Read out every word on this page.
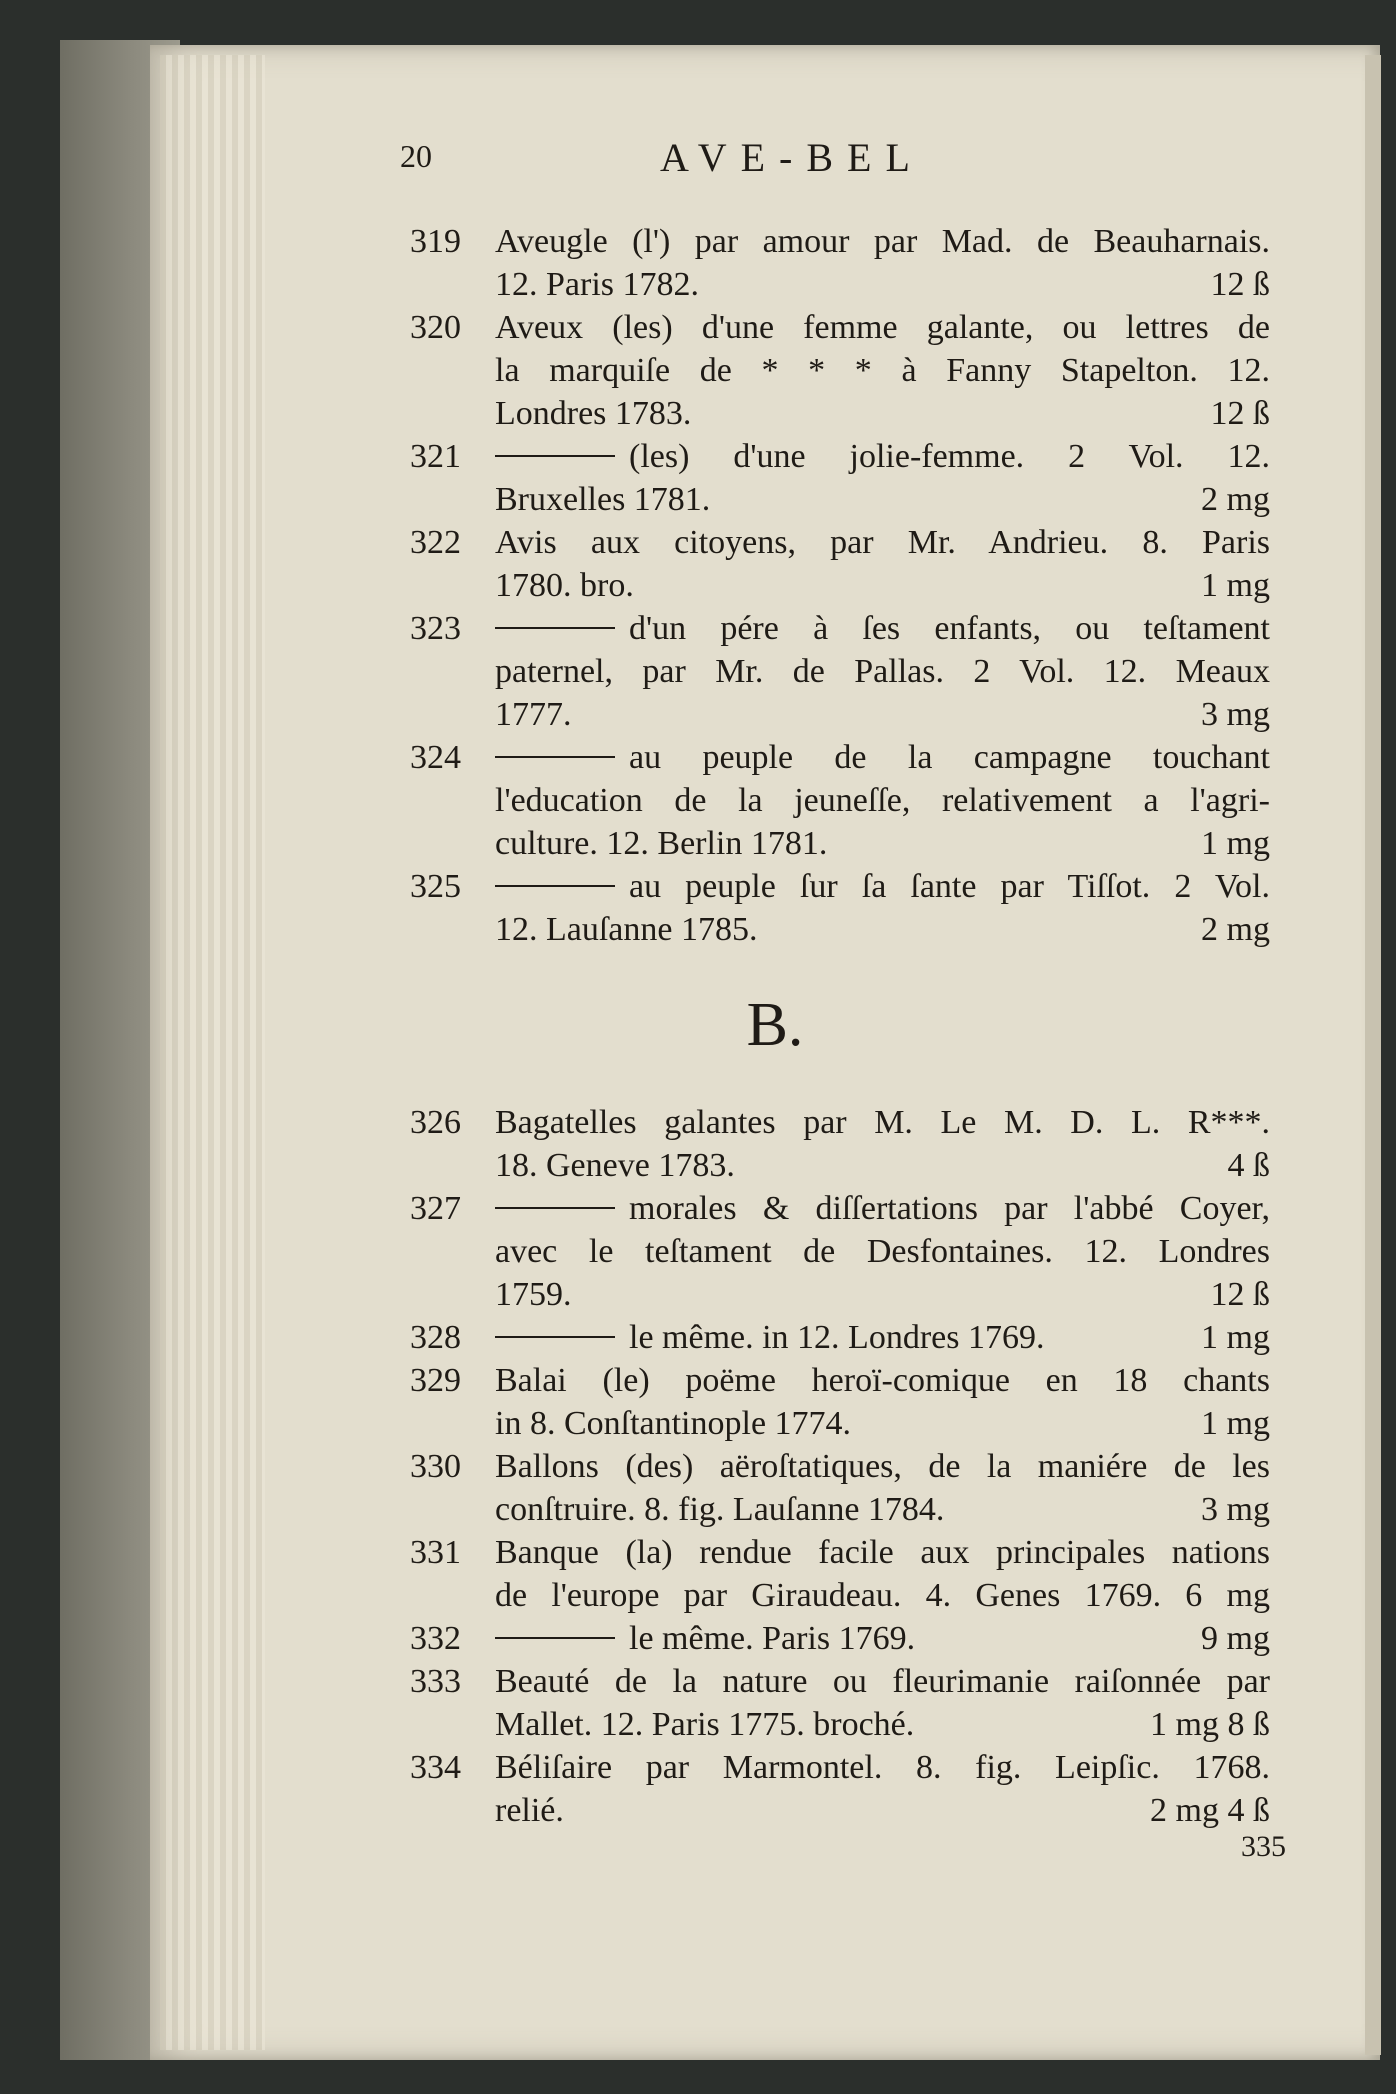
20	AVE-BEL
319 Aveugle (l') par amour par Mad. de Beauharnais.
12. Paris 1782.	12 ß
320 Aveux (les) d'une femme galante, ou lettres de
la marquiſe de * * * à Fanny Stapelton. 12.
Londres 1783.	12 ß
321	(les) d'une jolie-femme. 2 Vol. 12.
Bruxelles 1781.	2 mg
322 Avis aux citoyens, par Mr. Andrieu. 8. Paris
1780. bro.	1 mg
323	d'un pére à ſes enfants, ou teſtament
paternel, par Mr. de Pallas. 2 Vol. 12. Meaux
1777.	3 mg
324	au peuple de la campagne touchant
l'education de la jeuneſſe, relativement a l'agri-
culture. 12. Berlin 1781.	1 mg
325	au peuple ſur ſa ſante par Tiſſot. 2 Vol.
12. Lauſanne 1785.	2 mg
B.
326 Bagatelles galantes par M. Le M. D. L. R***.
18. Geneve 1783.	4 ß
327	morales & diſſertations par l'abbé Coyer,
avec le teſtament de Desfontaines. 12. Londres
1759.	12 ß
328	le même. in 12. Londres 1769.	1 mg
329 Balai (le) poëme heroï-comique en 18 chants
in 8. Conſtantinople 1774.	1 mg
330 Ballons (des) aëroſtatiques, de la maniére de les
conſtruire. 8. fig. Lauſanne 1784.	3 mg
331 Banque (la) rendue facile aux principales nations
de l'europe par Giraudeau. 4. Genes 1769. 6 mg
332	le même. Paris 1769.	9 mg
333 Beauté de la nature ou fleurimanie raiſonnée par
Mallet. 12. Paris 1775. broché.	1 mg 8 ß
334 Béliſaire par Marmontel. 8. fig. Leipſic. 1768.
relié.	2 mg 4 ß
335
